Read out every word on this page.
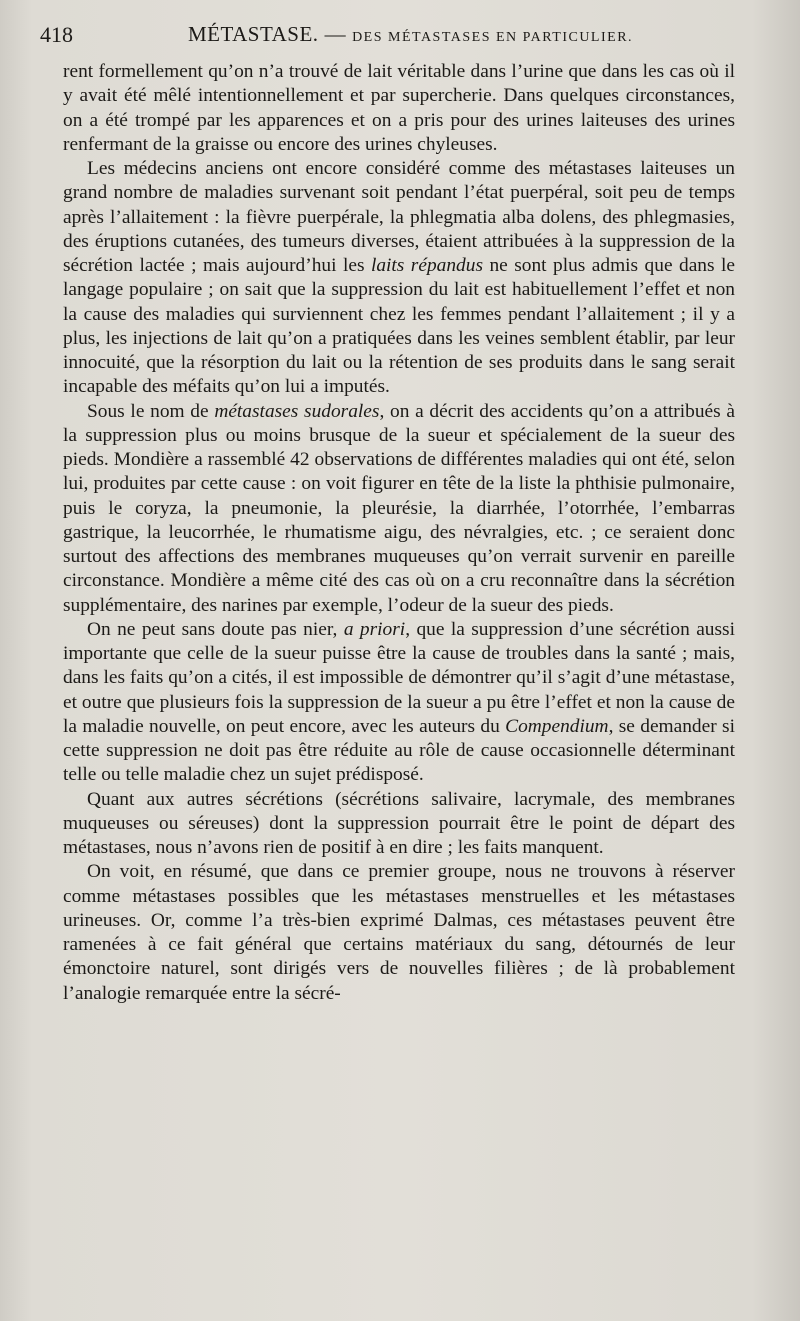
418	MÉTASTASE. — DES MÉTASTASES EN PARTICULIER.

rent formellement qu’on n’a trouvé de lait véritable dans l’urine que dans les cas où il y avait été mêlé intentionnellement et par supercherie. Dans quelques circonstances, on a été trompé par les apparences et on a pris pour des urines laiteuses des urines renfermant de la graisse ou encore des urines chyleuses.

Les médecins anciens ont encore considéré comme des métastases laiteuses un grand nombre de maladies survenant soit pendant l’état puerpéral, soit peu de temps après l’allaitement : la fièvre puerpérale, la phlegmatia alba dolens, des phlegmasies, des éruptions cutanées, des tumeurs diverses, étaient attribuées à la suppression de la sécrétion lactée ; mais aujourd’hui les laits répandus ne sont plus admis que dans le langage populaire ; on sait que la suppression du lait est habituellement l’effet et non la cause des maladies qui surviennent chez les femmes pendant l’allaitement ; il y a plus, les injections de lait qu’on a pratiquées dans les veines semblent établir, par leur innocuité, que la résorption du lait ou la rétention de ses produits dans le sang serait incapable des méfaits qu’on lui a imputés.

Sous le nom de métastases sudorales, on a décrit des accidents qu’on a attribués à la suppression plus ou moins brusque de la sueur et spécialement de la sueur des pieds. Mondière a rassemblé 42 observations de différentes maladies qui ont été, selon lui, produites par cette cause : on voit figurer en tête de la liste la phthisie pulmonaire, puis le coryza, la pneumonie, la pleurésie, la diarrhée, l’otorrhée, l’embarras gastrique, la leucorrhée, le rhumatisme aigu, des névralgies, etc. ; ce seraient donc surtout des affections des membranes muqueuses qu’on verrait survenir en pareille circonstance. Mondière a même cité des cas où on a cru reconnaître dans la sécrétion supplémentaire, des narines par exemple, l’odeur de la sueur des pieds.

On ne peut sans doute pas nier, a priori, que la suppression d’une sécrétion aussi importante que celle de la sueur puisse être la cause de troubles dans la santé ; mais, dans les faits qu’on a cités, il est impossible de démontrer qu’il s’agit d’une métastase, et outre que plusieurs fois la suppression de la sueur a pu être l’effet et non la cause de la maladie nouvelle, on peut encore, avec les auteurs du Compendium, se demander si cette suppression ne doit pas être réduite au rôle de cause occasionnelle déterminant telle ou telle maladie chez un sujet prédisposé.

Quant aux autres sécrétions (sécrétions salivaire, lacrymale, des membranes muqueuses ou séreuses) dont la suppression pourrait être le point de départ des métastases, nous n’avons rien de positif à en dire ; les faits manquent.

On voit, en résumé, que dans ce premier groupe, nous ne trouvons à réserver comme métastases possibles que les métastases menstruelles et les métastases urineuses. Or, comme l’a très-bien exprimé Dalmas, ces métastases peuvent être ramenées à ce fait général que certains matériaux du sang, détournés de leur émonctoire naturel, sont dirigés vers de nouvelles filières ; de là probablement l’analogie remarquée entre la sécré-
